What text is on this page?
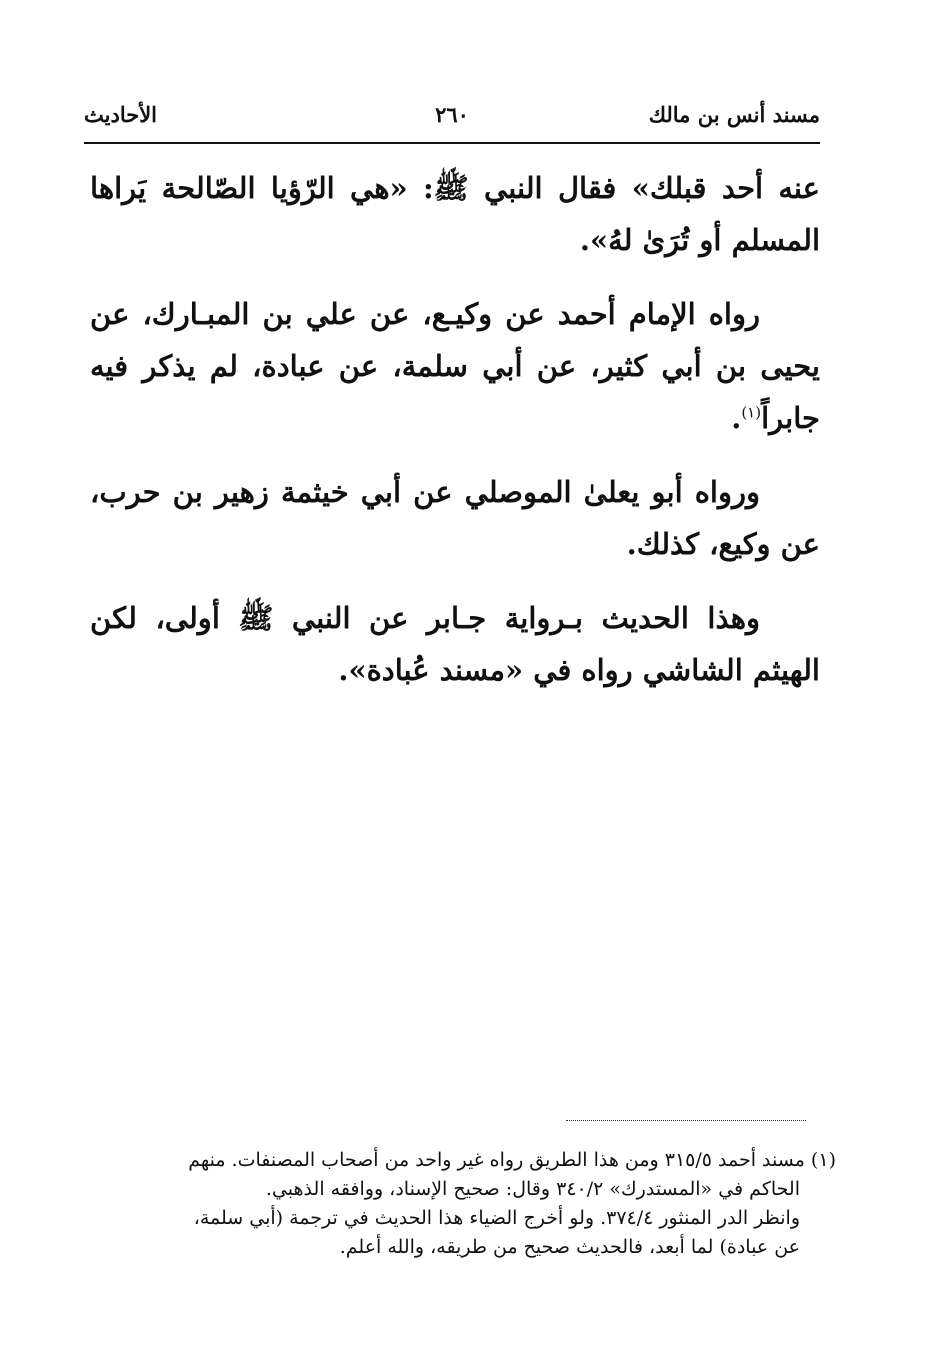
مسند أنس بن مالك
٢٦٠
الأحاديث

عنه أحد قبلك» فقال النبي ﷺ: «هي الرّؤيا الصّالحة يَراها المسلم أو تُرَىٰ لهُ».

رواه الإمام أحمد عن وكيـع، عن علي بن المبـارك، عن يحيى بن أبي كثير، عن أبي سلمة، عن عبادة، لم يذكر فيه جابراً$^{(١)}$.

ورواه أبو يعلىٰ الموصلي عن أبي خيثمة زهير بن حرب، عن وكيع، كذلك.

وهذا الحديث بـرواية جـابر عن النبي ﷺ أولى، لكن الهيثم الشاشي رواه في «مسند عُبادة».

(١) مسند أحمد ٣١٥/٥ ومن هذا الطريق رواه غير واحد من أصحاب المصنفات. منهم

الحاكم في «المستدرك» ٣٤٠/٢ وقال: صحيح الإسناد، ووافقه الذهبي.

وانظر الدر المنثور ٣٧٤/٤. ولو أخرج الضياء هذا الحديث في ترجمة (أبي سلمة،

عن عبادة) لما أبعد، فالحديث صحيح من طريقه، والله أعلم.
